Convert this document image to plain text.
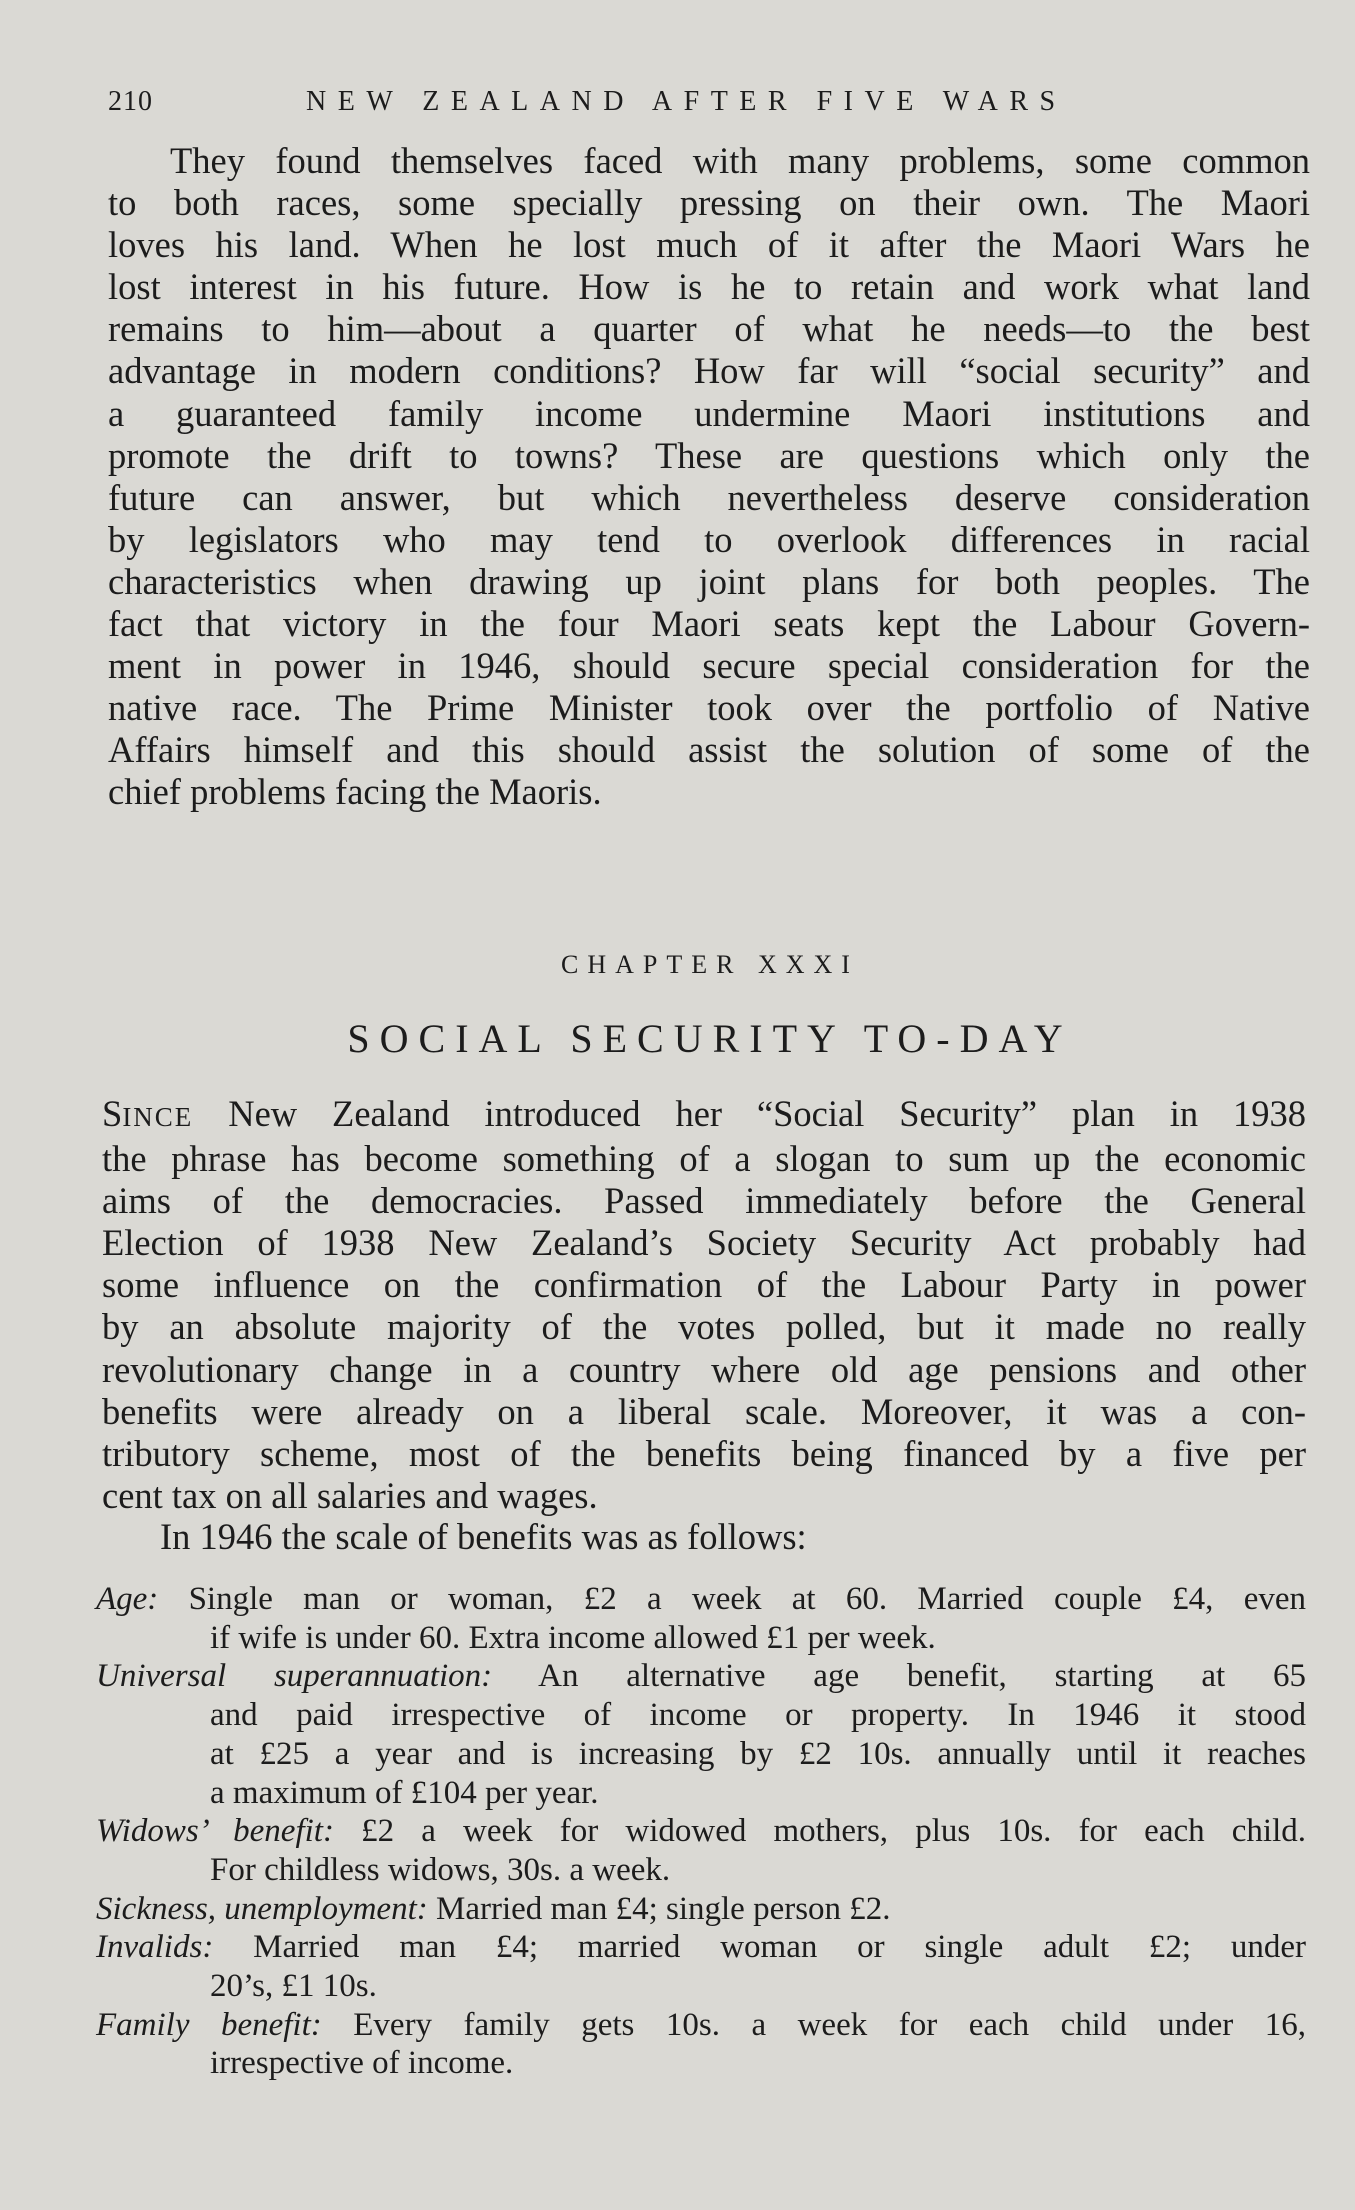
210	NEW ZEALAND AFTER FIVE WARS
They found themselves faced with many problems, some common
to both races, some specially pressing on their own. The Maori
loves his land. When he lost much of it after the Maori Wars he
lost interest in his future. How is he to retain and work what land
remains to him—about a quarter of what he needs—to the best
advantage in modern conditions? How far will “social security” and
a guaranteed family income undermine Maori institutions and
promote the drift to towns? These are questions which only the
future can answer, but which nevertheless deserve consideration
by legislators who may tend to overlook differences in racial
characteristics when drawing up joint plans for both peoples. The
fact that victory in the four Maori seats kept the Labour Govern-
ment in power in 1946, should secure special consideration for the
native race. The Prime Minister took over the portfolio of Native
Affairs himself and this should assist the solution of some of the
chief problems facing the Maoris.
CHAPTER XXXI
SOCIAL SECURITY TO-DAY
SINCE New Zealand introduced her “Social Security” plan in 1938
the phrase has become something of a slogan to sum up the economic
aims of the democracies. Passed immediately before the General
Election of 1938 New Zealand’s Society Security Act probably had
some influence on the confirmation of the Labour Party in power
by an absolute majority of the votes polled, but it made no really
revolutionary change in a country where old age pensions and other
benefits were already on a liberal scale. Moreover, it was a con-
tributory scheme, most of the benefits being financed by a five per
cent tax on all salaries and wages.
In 1946 the scale of benefits was as follows:
Age: Single man or woman, £2 a week at 60. Married couple £4, even
if wife is under 60. Extra income allowed £1 per week.
Universal superannuation: An alternative age benefit, starting at 65
and paid irrespective of income or property. In 1946 it stood
at £25 a year and is increasing by £2 10s. annually until it reaches
a maximum of £104 per year.
Widows’ benefit: £2 a week for widowed mothers, plus 10s. for each child.
For childless widows, 30s. a week.
Sickness, unemployment: Married man £4; single person £2.
Invalids: Married man £4; married woman or single adult £2; under
20’s, £1 10s.
Family benefit: Every family gets 10s. a week for each child under 16,
irrespective of income.
